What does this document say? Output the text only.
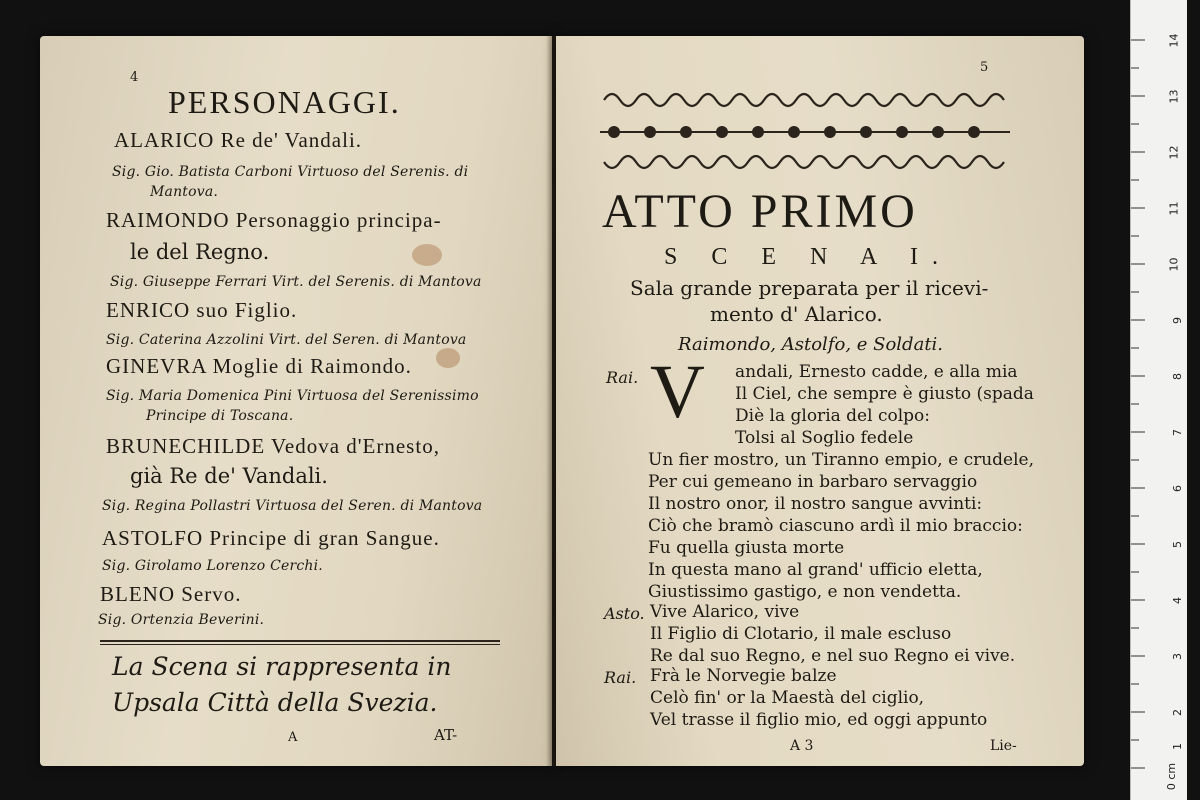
4
PERSONAGGI.
ALARICO Re de' Vandali.
Sig. Gio. Batista Carboni Virtuoso del Serenis. di
Mantova.
RAIMONDO Personaggio principa-
le del Regno.
Sig. Giuseppe Ferrari Virt. del Serenis. di Mantova
ENRICO suo Figlio.
Sig. Caterina Azzolini Virt. del Seren. di Mantova
GINEVRA Moglie di Raimondo.
Sig. Maria Domenica Pini Virtuosa del Serenissimo
Principe di Toscana.
BRUNECHILDE Vedova d'Ernesto,
già Re de' Vandali.
Sig. Regina Pollastri Virtuosa del Seren. di Mantova
ASTOLFO Principe di gran Sangue.
Sig. Girolamo Lorenzo Cerchi.
BLENO Servo.
Sig. Ortenzia Beverini.
La Scena si rappresenta in
Upsala Città della Svezia.
A	AT-
5
ATTO PRIMO
S C E N A I.
Sala grande preparata per il ricevi-
mento d' Alarico.
Raimondo, Astolfo, e Soldati.
V
Rai.	andali, Ernesto cadde, e alla mia
Il Ciel, che sempre è giusto (spada
Diè la gloria del colpo:
Tolsi al Soglio fedele
Un fier mostro, un Tiranno empio, e crudele,
Per cui gemeano in barbaro servaggio
Il nostro onor, il nostro sangue avvinti:
Ciò che bramò ciascuno ardì il mio braccio:
Fu quella giusta morte
In questa mano al grand' ufficio eletta,
Giustissimo gastigo, e non vendetta.
Asto. Vive Alarico, vive
Il Figlio di Clotario, il male escluso
Re dal suo Regno, e nel suo Regno ei vive.
Rai. Frà le Norvegie balze
Celò fin' or la Maestà del ciglio,
Vel trasse il figlio mio, ed oggi appunto
A 3	Lie-
14
13
12
11
10
9
8
7
6
5
4
3
2
1
0 cm
